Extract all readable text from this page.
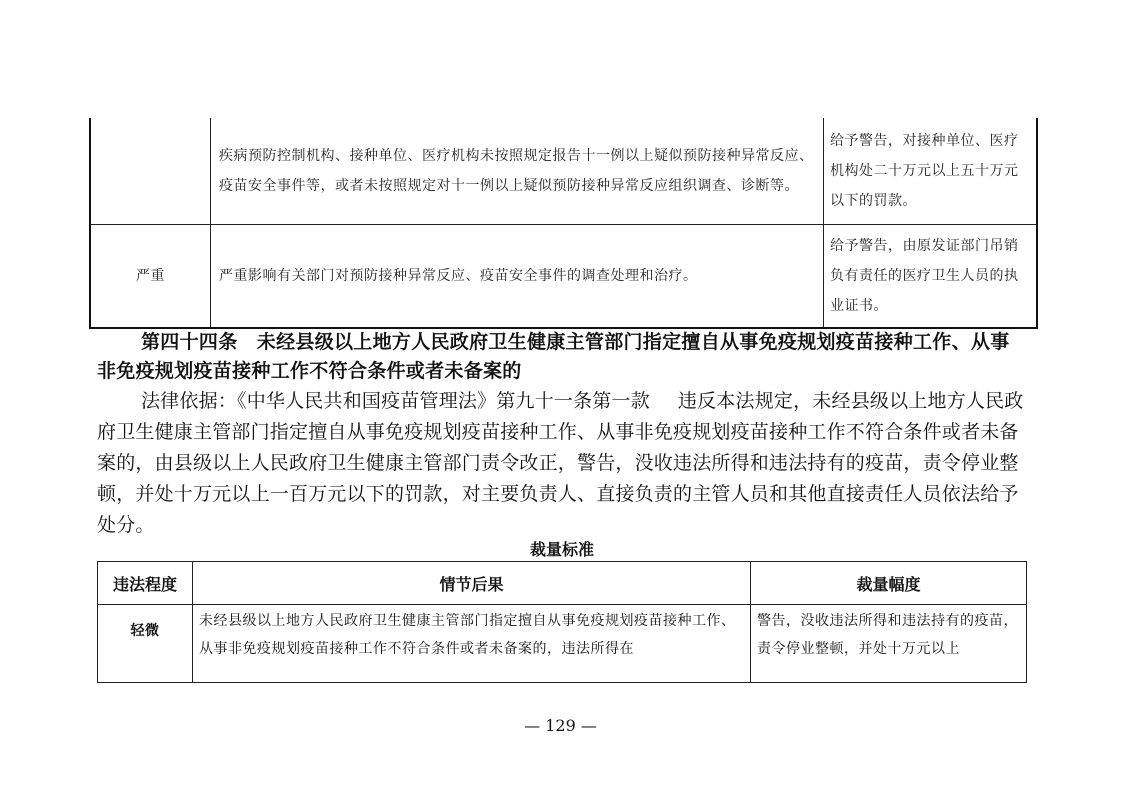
	疾病预防控制机构、接种单位、医疗机构未按照规定报告十一例以上疑似预防接种异常反应、疫苗安全事件等，或者未按照规定对十一例以上疑似预防接种异常反应组织调查、诊断等。	给予警告，对接种单位、医疗机构处二十万元以上五十万元以下的罚款。
严重	严重影响有关部门对预防接种异常反应、疫苗安全事件的调查处理和治疗。	给予警告，由原发证部门吊销负有责任的医疗卫生人员的执业证书。
第四十四条　未经县级以上地方人民政府卫生健康主管部门指定擅自从事免疫规划疫苗接种工作、从事非免疫规划疫苗接种工作不符合条件或者未备案的
法律依据：《中华人民共和国疫苗管理法》第九十一条第一款 违反本法规定，未经县级以上地方人民政府卫生健康主管部门指定擅自从事免疫规划疫苗接种工作、从事非免疫规划疫苗接种工作不符合条件或者未备案的，由县级以上人民政府卫生健康主管部门责令改正，警告，没收违法所得和违法持有的疫苗，责令停业整顿，并处十万元以上一百万元以下的罚款，对主要负责人、直接负责的主管人员和其他直接责任人员依法给予处分。
裁量标准
违法程度	情节后果	裁量幅度
轻微	未经县级以上地方人民政府卫生健康主管部门指定擅自从事免疫规划疫苗接种工作、从事非免疫规划疫苗接种工作不符合条件或者未备案的，违法所得在	警告，没收违法所得和违法持有的疫苗，责令停业整顿，并处十万元以上
— 129 —
